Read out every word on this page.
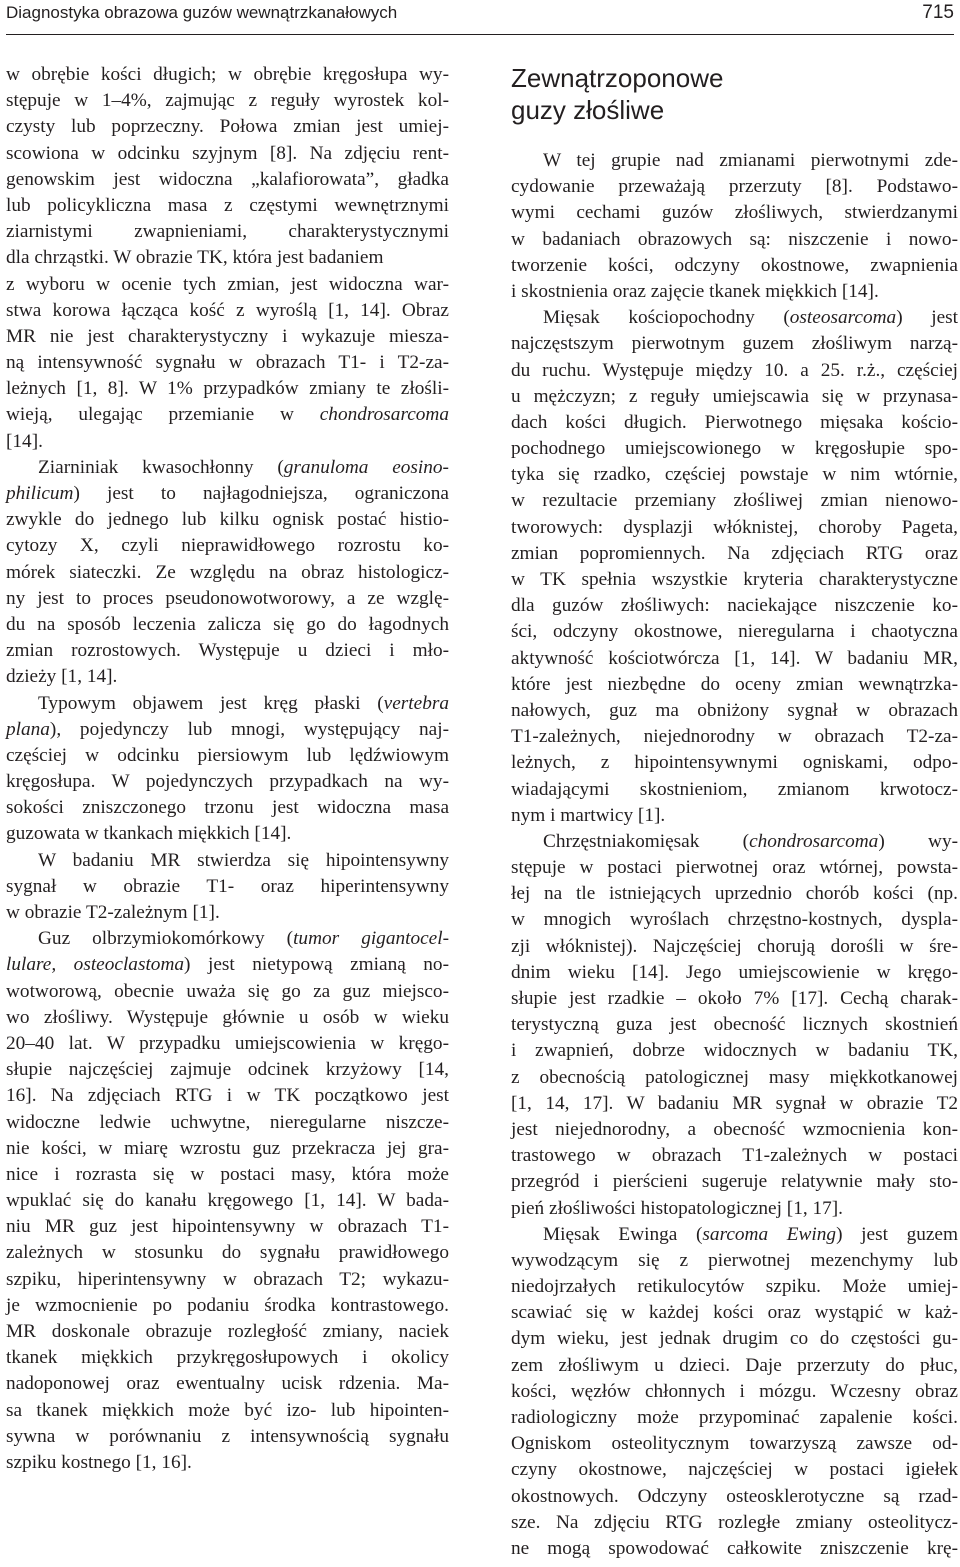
Diagnostyka obrazowa guzów wewnątrzkanałowych	715
w obrębie kości długich; w obrębie kręgosłupa wy-
stępuje w 1–4%, zajmując z reguły wyrostek kol-
czysty lub poprzeczny. Połowa zmian jest umiej-
scowiona w odcinku szyjnym [8]. Na zdjęciu rent-
genowskim jest widoczna „kalafiorowata”, gładka
lub policykliczna masa z częstymi wewnętrznymi
ziarnistymi zwapnieniami, charakterystycznymi
dla chrząstki. W obrazie TK, która jest badaniem
z wyboru w ocenie tych zmian, jest widoczna war-
stwa korowa łącząca kość z wyroślą [1, 14]. Obraz
MR nie jest charakterystyczny i wykazuje miesza-
ną intensywność sygnału w obrazach T1- i T2-za-
leżnych [1, 8]. W 1% przypadków zmiany te złośli-
wieją, ulegając przemianie w chondrosarcoma
[14].
Ziarniniak kwasochłonny (granuloma eosino-
philicum) jest to najłagodniejsza, ograniczona
zwykle do jednego lub kilku ognisk postać histio-
cytozy X, czyli nieprawidłowego rozrostu ko-
mórek siateczki. Ze względu na obraz histologicz-
ny jest to proces pseudonowotworowy, a ze wzglę-
du na sposób leczenia zalicza się go do łagodnych
zmian rozrostowych. Występuje u dzieci i mło-
dzieży [1, 14].
Typowym objawem jest kręg płaski (vertebra
plana), pojedynczy lub mnogi, występujący naj-
częściej w odcinku piersiowym lub lędźwiowym
kręgosłupa. W pojedynczych przypadkach na wy-
sokości zniszczonego trzonu jest widoczna masa
guzowata w tkankach miękkich [14].
W badaniu MR stwierdza się hipointensywny
sygnał w obrazie T1- oraz hiperintensywny
w obrazie T2-zależnym [1].
Guz olbrzymiokomórkowy (tumor gigantocel-
lulare, osteoclastoma) jest nietypową zmianą no-
wotworową, obecnie uważa się go za guz miejsco-
wo złośliwy. Występuje głównie u osób w wieku
20–40 lat. W przypadku umiejscowienia w kręgo-
słupie najczęściej zajmuje odcinek krzyżowy [14,
16]. Na zdjęciach RTG i w TK początkowo jest
widoczne ledwie uchwytne, nieregularne niszcze-
nie kości, w miarę wzrostu guz przekracza jej gra-
nice i rozrasta się w postaci masy, która może
wpuklać się do kanału kręgowego [1, 14]. W bada-
niu MR guz jest hipointensywny w obrazach T1-
zależnych w stosunku do sygnału prawidłowego
szpiku, hiperintensywny w obrazach T2; wykazu-
je wzmocnienie po podaniu środka kontrastowego.
MR doskonale obrazuje rozległość zmiany, naciek
tkanek miękkich przykręgosłupowych i okolicy
nadoponowej oraz ewentualny ucisk rdzenia. Ma-
sa tkanek miękkich może być izo- lub hipointen-
sywna w porównaniu z intensywnością sygnału
szpiku kostnego [1, 16].
Zewnątrzoponowe
guzy złośliwe
W tej grupie nad zmianami pierwotnymi zde-
cydowanie przeważają przerzuty [8]. Podstawo-
wymi cechami guzów złośliwych, stwierdzanymi
w badaniach obrazowych są: niszczenie i nowo-
tworzenie kości, odczyny okostnowe, zwapnienia
i skostnienia oraz zajęcie tkanek miękkich [14].
Mięsak kościopochodny (osteosarcoma) jest
najczęstszym pierwotnym guzem złośliwym narzą-
du ruchu. Występuje między 10. a 25. r.ż., częściej
u mężczyzn; z reguły umiejscawia się w przynasa-
dach kości długich. Pierwotnego mięsaka kościo-
pochodnego umiejscowionego w kręgosłupie spo-
tyka się rzadko, częściej powstaje w nim wtórnie,
w rezultacie przemiany złośliwej zmian nienowo-
tworowych: dysplazji włóknistej, choroby Pageta,
zmian popromiennych. Na zdjęciach RTG oraz
w TK spełnia wszystkie kryteria charakterystyczne
dla guzów złośliwych: naciekające niszczenie ko-
ści, odczyny okostnowe, nieregularna i chaotyczna
aktywność kościotwórcza [1, 14]. W badaniu MR,
które jest niezbędne do oceny zmian wewnątrzka-
nałowych, guz ma obniżony sygnał w obrazach
T1-zależnych, niejednorodny w obrazach T2-za-
leżnych, z hipointensywnymi ogniskami, odpo-
wiadającymi skostnieniom, zmianom krwotocz-
nym i martwicy [1].
Chrzęstniakomięsak (chondrosarcoma) wy-
stępuje w postaci pierwotnej oraz wtórnej, powsta-
łej na tle istniejących uprzednio chorób kości (np.
w mnogich wyroślach chrzęstno-kostnych, dyspla-
zji włóknistej). Najczęściej chorują dorośli w śre-
dnim wieku [14]. Jego umiejscowienie w kręgo-
słupie jest rzadkie – około 7% [17]. Cechą charak-
terystyczną guza jest obecność licznych skostnień
i zwapnień, dobrze widocznych w badaniu TK,
z obecnością patologicznej masy miękkotkanowej
[1, 14, 17]. W badaniu MR sygnał w obrazie T2
jest niejednorodny, a obecność wzmocnienia kon-
trastowego w obrazach T1-zależnych w postaci
przegród i pierścieni sugeruje relatywnie mały sto-
pień złośliwości histopatologicznej [1, 17].
Mięsak Ewinga (sarcoma Ewing) jest guzem
wywodzącym się z pierwotnej mezenchymy lub
niedojrzałych retikulocytów szpiku. Może umiej-
scawiać się w każdej kości oraz wystąpić w każ-
dym wieku, jest jednak drugim co do częstości gu-
zem złośliwym u dzieci. Daje przerzuty do płuc,
kości, węzłów chłonnych i mózgu. Wczesny obraz
radiologiczny może przypominać zapalenie kości.
Ogniskom osteolitycznym towarzyszą zawsze od-
czyny okostnowe, najczęściej w postaci igiełek
okostnowych. Odczyny osteosklerotyczne są rzad-
sze. Na zdjęciu RTG rozległe zmiany osteolitycz-
ne mogą spowodować całkowite zniszczenie krę-
